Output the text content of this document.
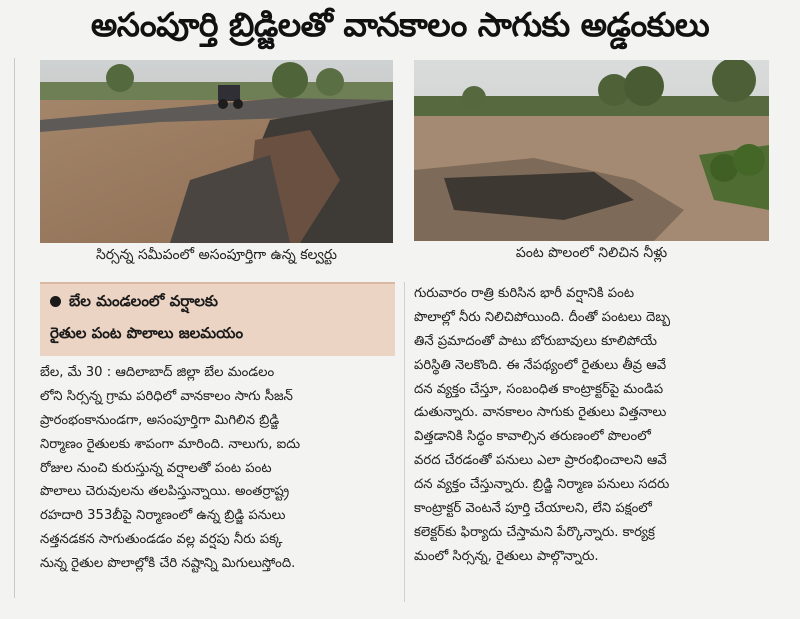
అసంపూర్తి బ్రిడ్జిలతో వానకాలం సాగుకు అడ్డంకులు
సిర్సన్న సమీపంలో అసంపూర్తిగా ఉన్న కల్వర్టు	పంట పొలంలో నిలిచిన నీళ్లు
బేల మండలంలో వర్షాలకు
రైతుల పంట పొలాలు జలమయం
బేల, మే 30 : ఆదిలాబాద్ జిల్లా బేల మండలం
లోని సిర్సన్న గ్రామ పరిధిలో వానకాలం సాగు సీజన్
ప్రారంభంకానుండగా, అసంపూర్తిగా మిగిలిన బ్రిడ్జి
నిర్మాణం రైతులకు శాపంగా మారింది. నాలుగు, ఐదు
రోజుల నుంచి కురుస్తున్న వర్షాలతో పంట పంట
పొలాలు చెరువులను తలపిస్తున్నాయి. అంతర్రాష్ట్ర
రహదారి 353బీపై నిర్మాణంలో ఉన్న బ్రిడ్జి పనులు
నత్తనడకన సాగుతుండడం వల్ల వర్షపు నీరు పక్క
నున్న రైతుల పొలాల్లోకి చేరి నష్టాన్ని మిగులుస్తోంది.
గురువారం రాత్రి కురిసిన భారీ వర్షానికి పంట
పొలాల్లో నీరు నిలిచిపోయింది. దీంతో పంటలు దెబ్బ
తినే ప్రమాదంతో పాటు బోరుబావులు కూలిపోయే
పరిస్థితి నెలకొంది. ఈ నేపథ్యంలో రైతులు తీవ్ర ఆవే
దన వ్యక్తం చేస్తూ, సంబంధిత కాంట్రాక్టర్‌పై మండిప
డుతున్నారు. వానకాలం సాగుకు రైతులు విత్తనాలు
విత్తడానికి సిద్ధం కావాల్సిన తరుణంలో పొలంలో
వరద చేరడంతో పనులు ఎలా ప్రారంభించాలని ఆవే
దన వ్యక్తం చేస్తున్నారు. బ్రిడ్జి నిర్మాణ పనులు సదరు
కాంట్రాక్టర్ వెంటనే పూర్తి చేయాలని, లేని పక్షంలో
కలెక్టర్‌కు ఫిర్యాదు చేస్తామని పేర్కొన్నారు. కార్యక్ర
మంలో సిర్సన్న, రైతులు పాల్గొన్నారు.
